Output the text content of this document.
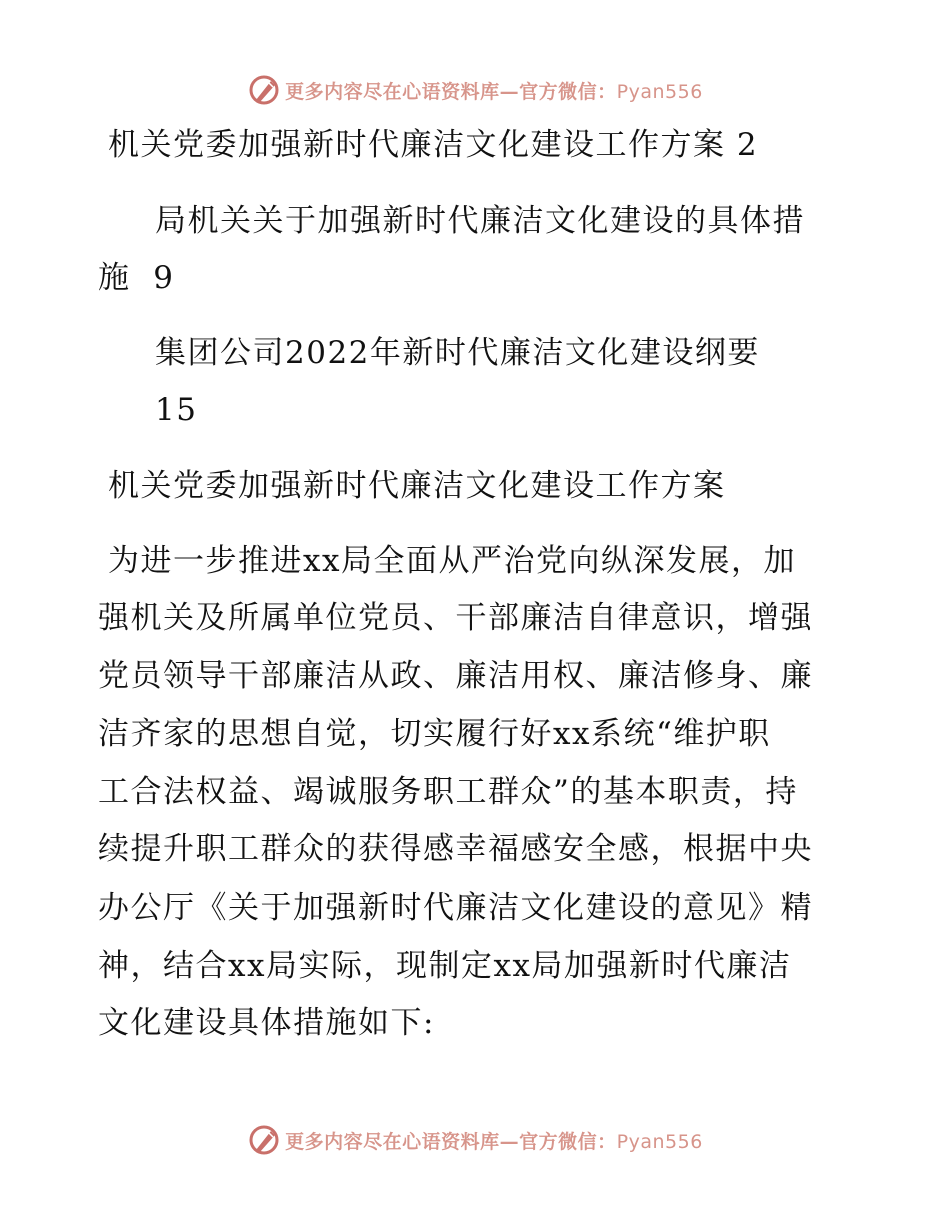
更多内容尽在心语资料库—官方微信：Pyan556
机关党委加强新时代廉洁文化建设工作方案 2
局机关关于加强新时代廉洁文化建设的具体措
施 9
集团公司2022年新时代廉洁文化建设纲要
15
机关党委加强新时代廉洁文化建设工作方案
为进一步推进xx局全面从严治党向纵深发展，加
强机关及所属单位党员、干部廉洁自律意识，增强
党员领导干部廉洁从政、廉洁用权、廉洁修身、廉
洁齐家的思想自觉，切实履行好xx系统“维护职
工合法权益、竭诚服务职工群众”的基本职责，持
续提升职工群众的获得感幸福感安全感，根据中央
办公厅《关于加强新时代廉洁文化建设的意见》精
神，结合xx局实际，现制定xx局加强新时代廉洁
文化建设具体措施如下:
更多内容尽在心语资料库—官方微信：Pyan556
